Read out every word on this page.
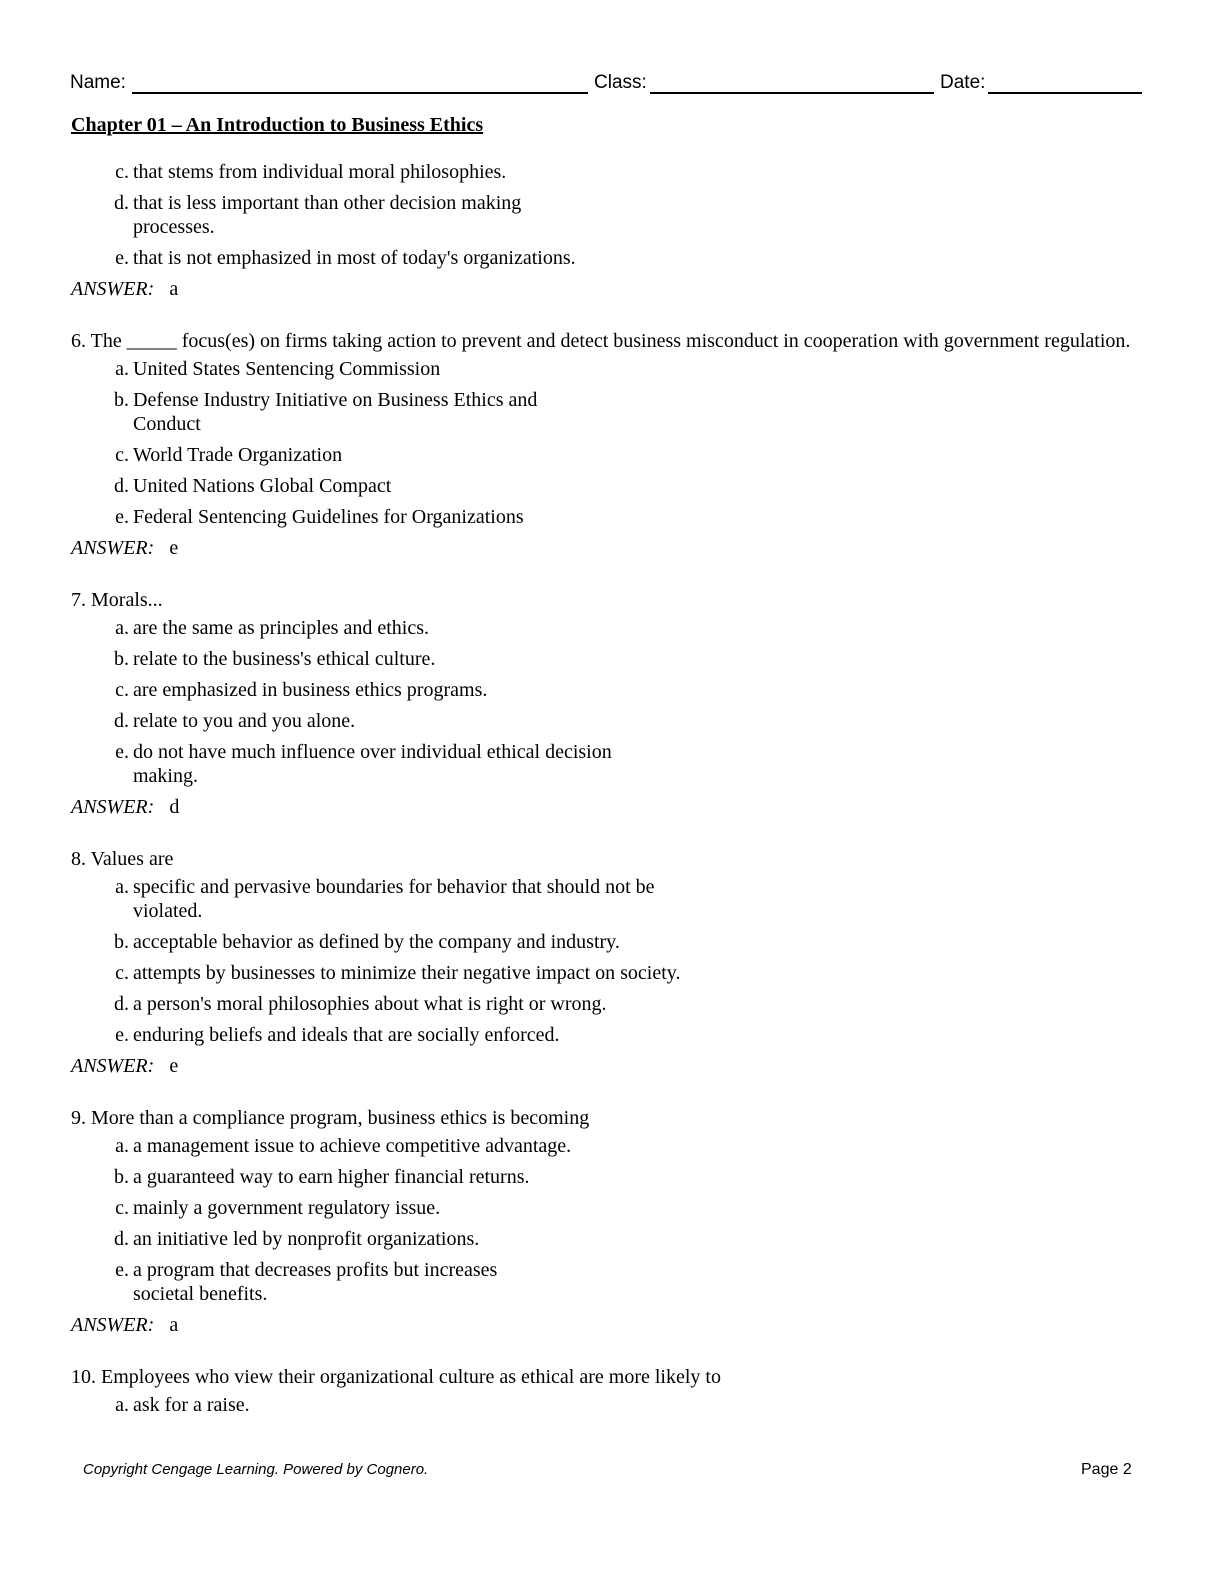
Name:	Class:	Date:
Chapter 01 – An Introduction to Business Ethics
c. that stems from individual moral philosophies.
d. that is less important than other decision making processes.
e. that is not emphasized in most of today's organizations.
ANSWER: a
6. The _____ focus(es) on firms taking action to prevent and detect business misconduct in cooperation with government regulation.
a. United States Sentencing Commission
b. Defense Industry Initiative on Business Ethics and Conduct
c. World Trade Organization
d. United Nations Global Compact
e. Federal Sentencing Guidelines for Organizations
ANSWER: e
7. Morals...
a. are the same as principles and ethics.
b. relate to the business's ethical culture.
c. are emphasized in business ethics programs.
d. relate to you and you alone.
e. do not have much influence over individual ethical decision making.
ANSWER: d
8. Values are
a. specific and pervasive boundaries for behavior that should not be violated.
b. acceptable behavior as defined by the company and industry.
c. attempts by businesses to minimize their negative impact on society.
d. a person's moral philosophies about what is right or wrong.
e. enduring beliefs and ideals that are socially enforced.
ANSWER: e
9. More than a compliance program, business ethics is becoming
a. a management issue to achieve competitive advantage.
b. a guaranteed way to earn higher financial returns.
c. mainly a government regulatory issue.
d. an initiative led by nonprofit organizations.
e. a program that decreases profits but increases societal benefits.
ANSWER: a
10. Employees who view their organizational culture as ethical are more likely to
a. ask for a raise.
Copyright Cengage Learning. Powered by Cognero.	Page 2
